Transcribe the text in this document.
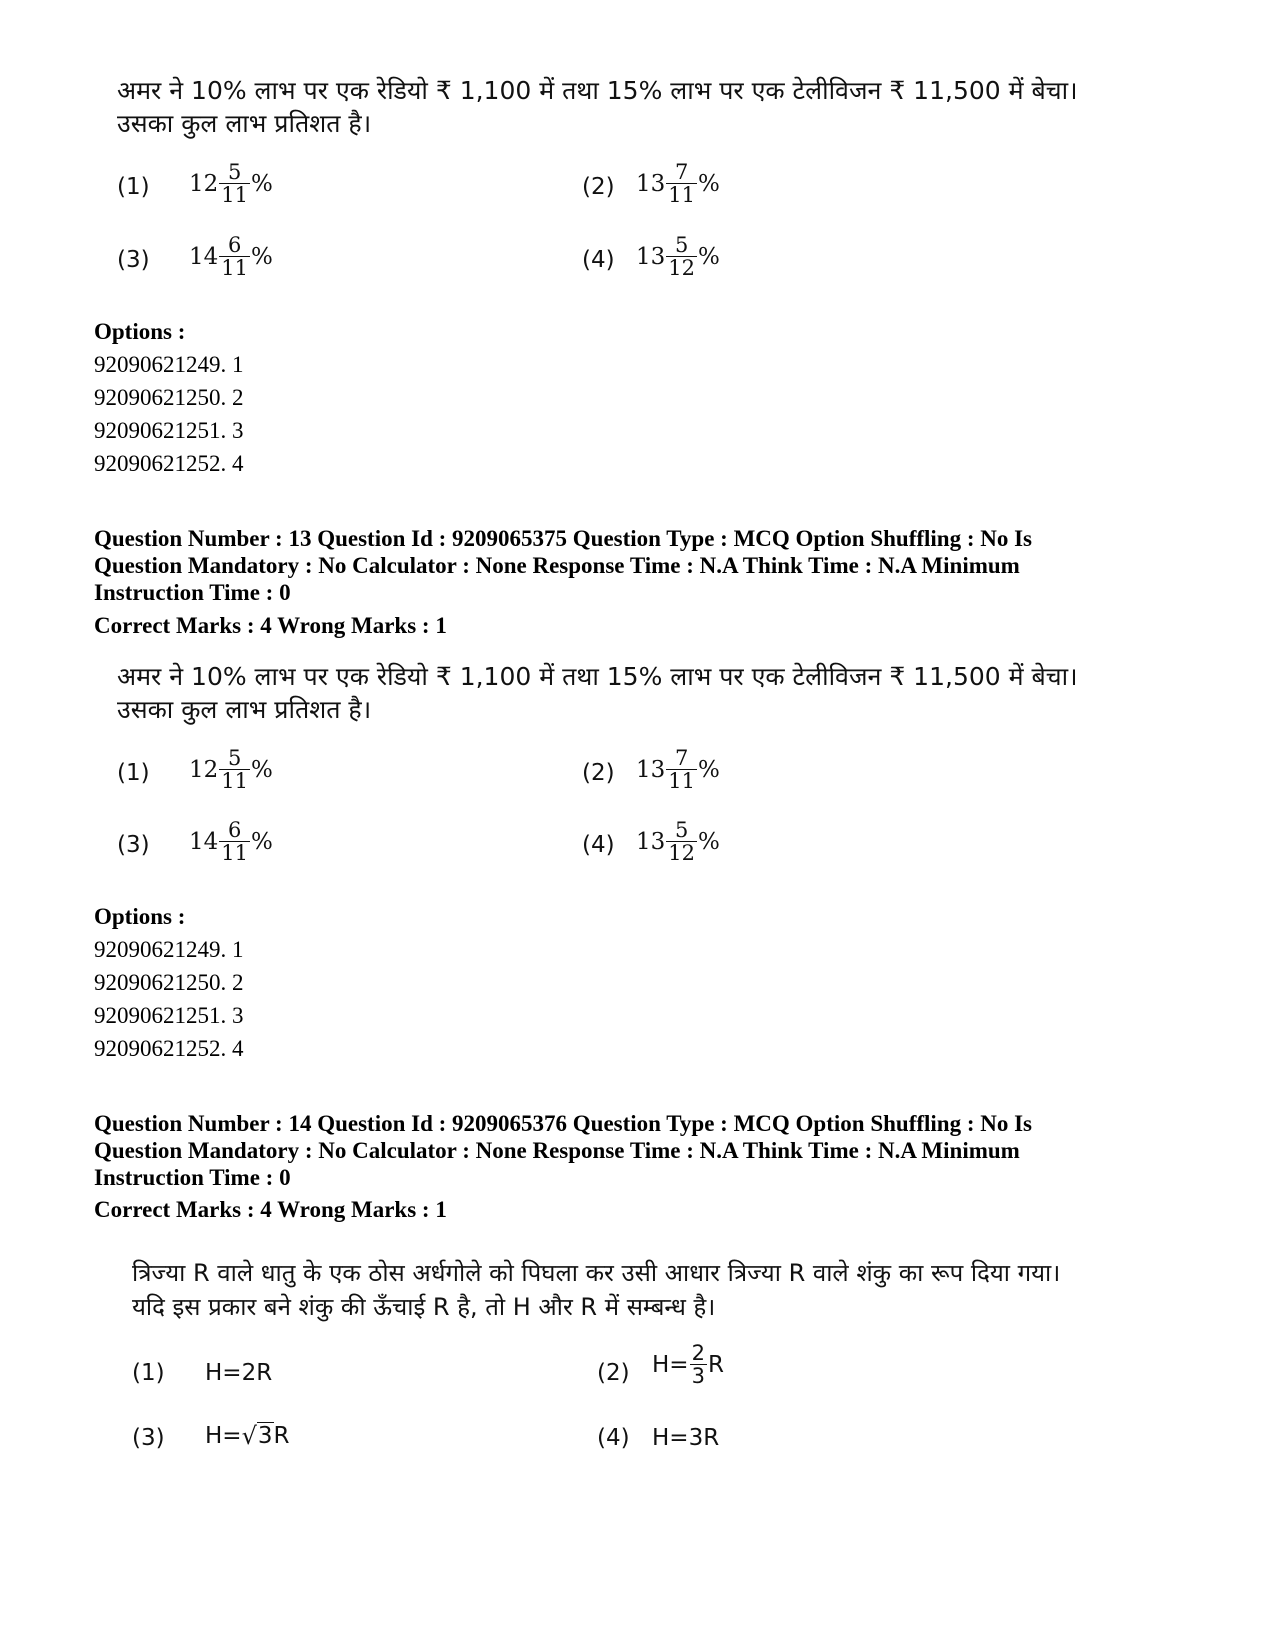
अमर ने 10% लाभ पर एक रेडियो ₹ 1,100 में तथा 15% लाभ पर एक टेलीविजन ₹ 11,500 में बेचा।
उसका कुल लाभ प्रतिशत है।
(1) $12 \frac{5}{11}$ %	(2) $13 \frac{7}{11}$ %
(3) $14 \frac{6}{11}$ %	(4) $13 \frac{5}{12}$ %
Options :
92090621249. 1
92090621250. 2
92090621251. 3
92090621252. 4
Question Number : 13 Question Id : 9209065375 Question Type : MCQ Option Shuffling : No Is
Question Mandatory : No Calculator : None Response Time : N.A Think Time : N.A Minimum
Instruction Time : 0
Correct Marks : 4 Wrong Marks : 1
अमर ने 10% लाभ पर एक रेडियो ₹ 1,100 में तथा 15% लाभ पर एक टेलीविजन ₹ 11,500 में बेचा।
उसका कुल लाभ प्रतिशत है।
(1) $12 \frac{5}{11}$ %	(2) $13 \frac{7}{11}$ %
(3) $14 \frac{6}{11}$ %	(4) $13 \frac{5}{12}$ %
Options :
92090621249. 1
92090621250. 2
92090621251. 3
92090621252. 4
Question Number : 14 Question Id : 9209065376 Question Type : MCQ Option Shuffling : No Is
Question Mandatory : No Calculator : None Response Time : N.A Think Time : N.A Minimum
Instruction Time : 0
Correct Marks : 4 Wrong Marks : 1
त्रिज्या R वाले धातु के एक ठोस अर्धगोले को पिघला कर उसी आधार त्रिज्या R वाले शंकु का रूप दिया गया।
यदि इस प्रकार बने शंकु की ऊँचाई R है, तो H और R में सम्बन्ध है।
(1) H=2R	(2) $H= \frac{2}{3}$ R
(3) H= √ 3 R	(4) H=3R
